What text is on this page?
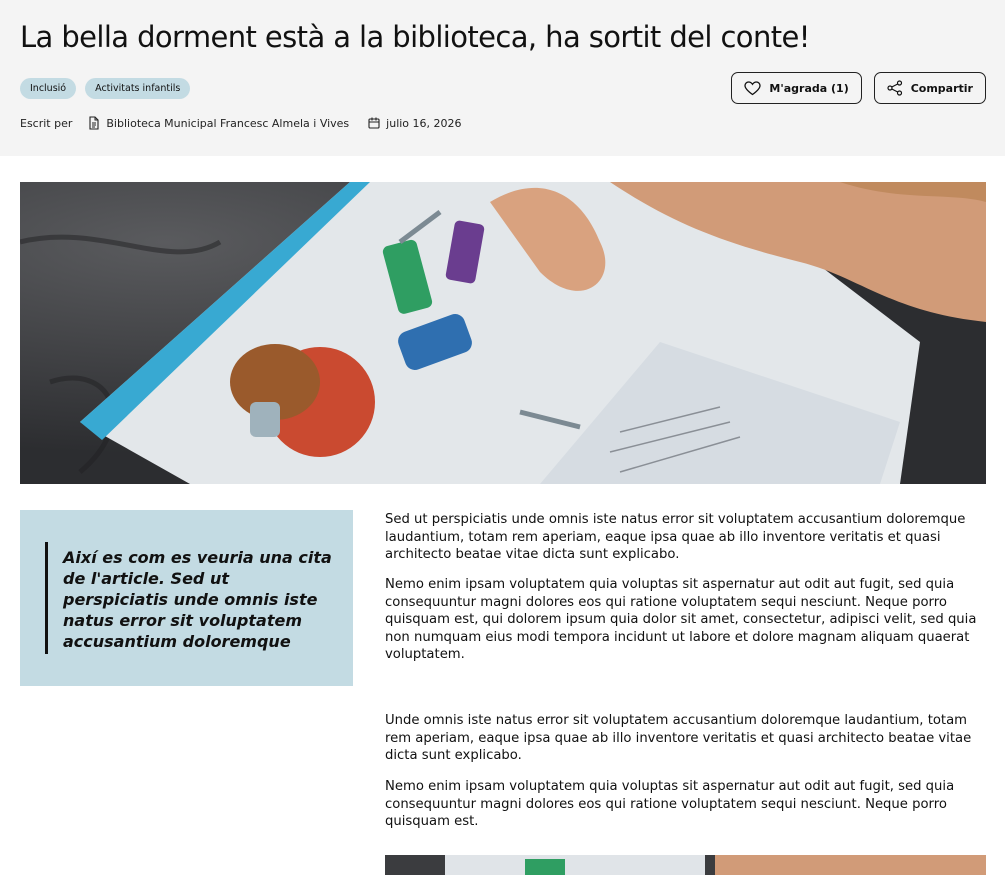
La bella dorment està a la biblioteca, ha sortit del conte!
Inclusió	Activitats infantils
Escrit per	Biblioteca Municipal Francesc Almela i Vives	julio 16, 2026
M'agrada (1)	Compartir

Així es com es veuria una cita de l'article. Sed ut perspiciatis unde omnis iste natus error sit voluptatem accusantium doloremque

Sed ut perspiciatis unde omnis iste natus error sit voluptatem accusantium doloremque laudantium, totam rem aperiam, eaque ipsa quae ab illo inventore veritatis et quasi architecto beatae vitae dicta sunt explicabo.

Nemo enim ipsam voluptatem quia voluptas sit aspernatur aut odit aut fugit, sed quia consequuntur magni dolores eos qui ratione voluptatem sequi nesciunt. Neque porro quisquam est, qui dolorem ipsum quia dolor sit amet, consectetur, adipisci velit, sed quia non numquam eius modi tempora incidunt ut labore et dolore magnam aliquam quaerat voluptatem.

Unde omnis iste natus error sit voluptatem accusantium doloremque laudantium, totam rem aperiam, eaque ipsa quae ab illo inventore veritatis et quasi architecto beatae vitae dicta sunt explicabo.

Nemo enim ipsam voluptatem quia voluptas sit aspernatur aut odit aut fugit, sed quia consequuntur magni dolores eos qui ratione voluptatem sequi nesciunt. Neque porro quisquam est.
